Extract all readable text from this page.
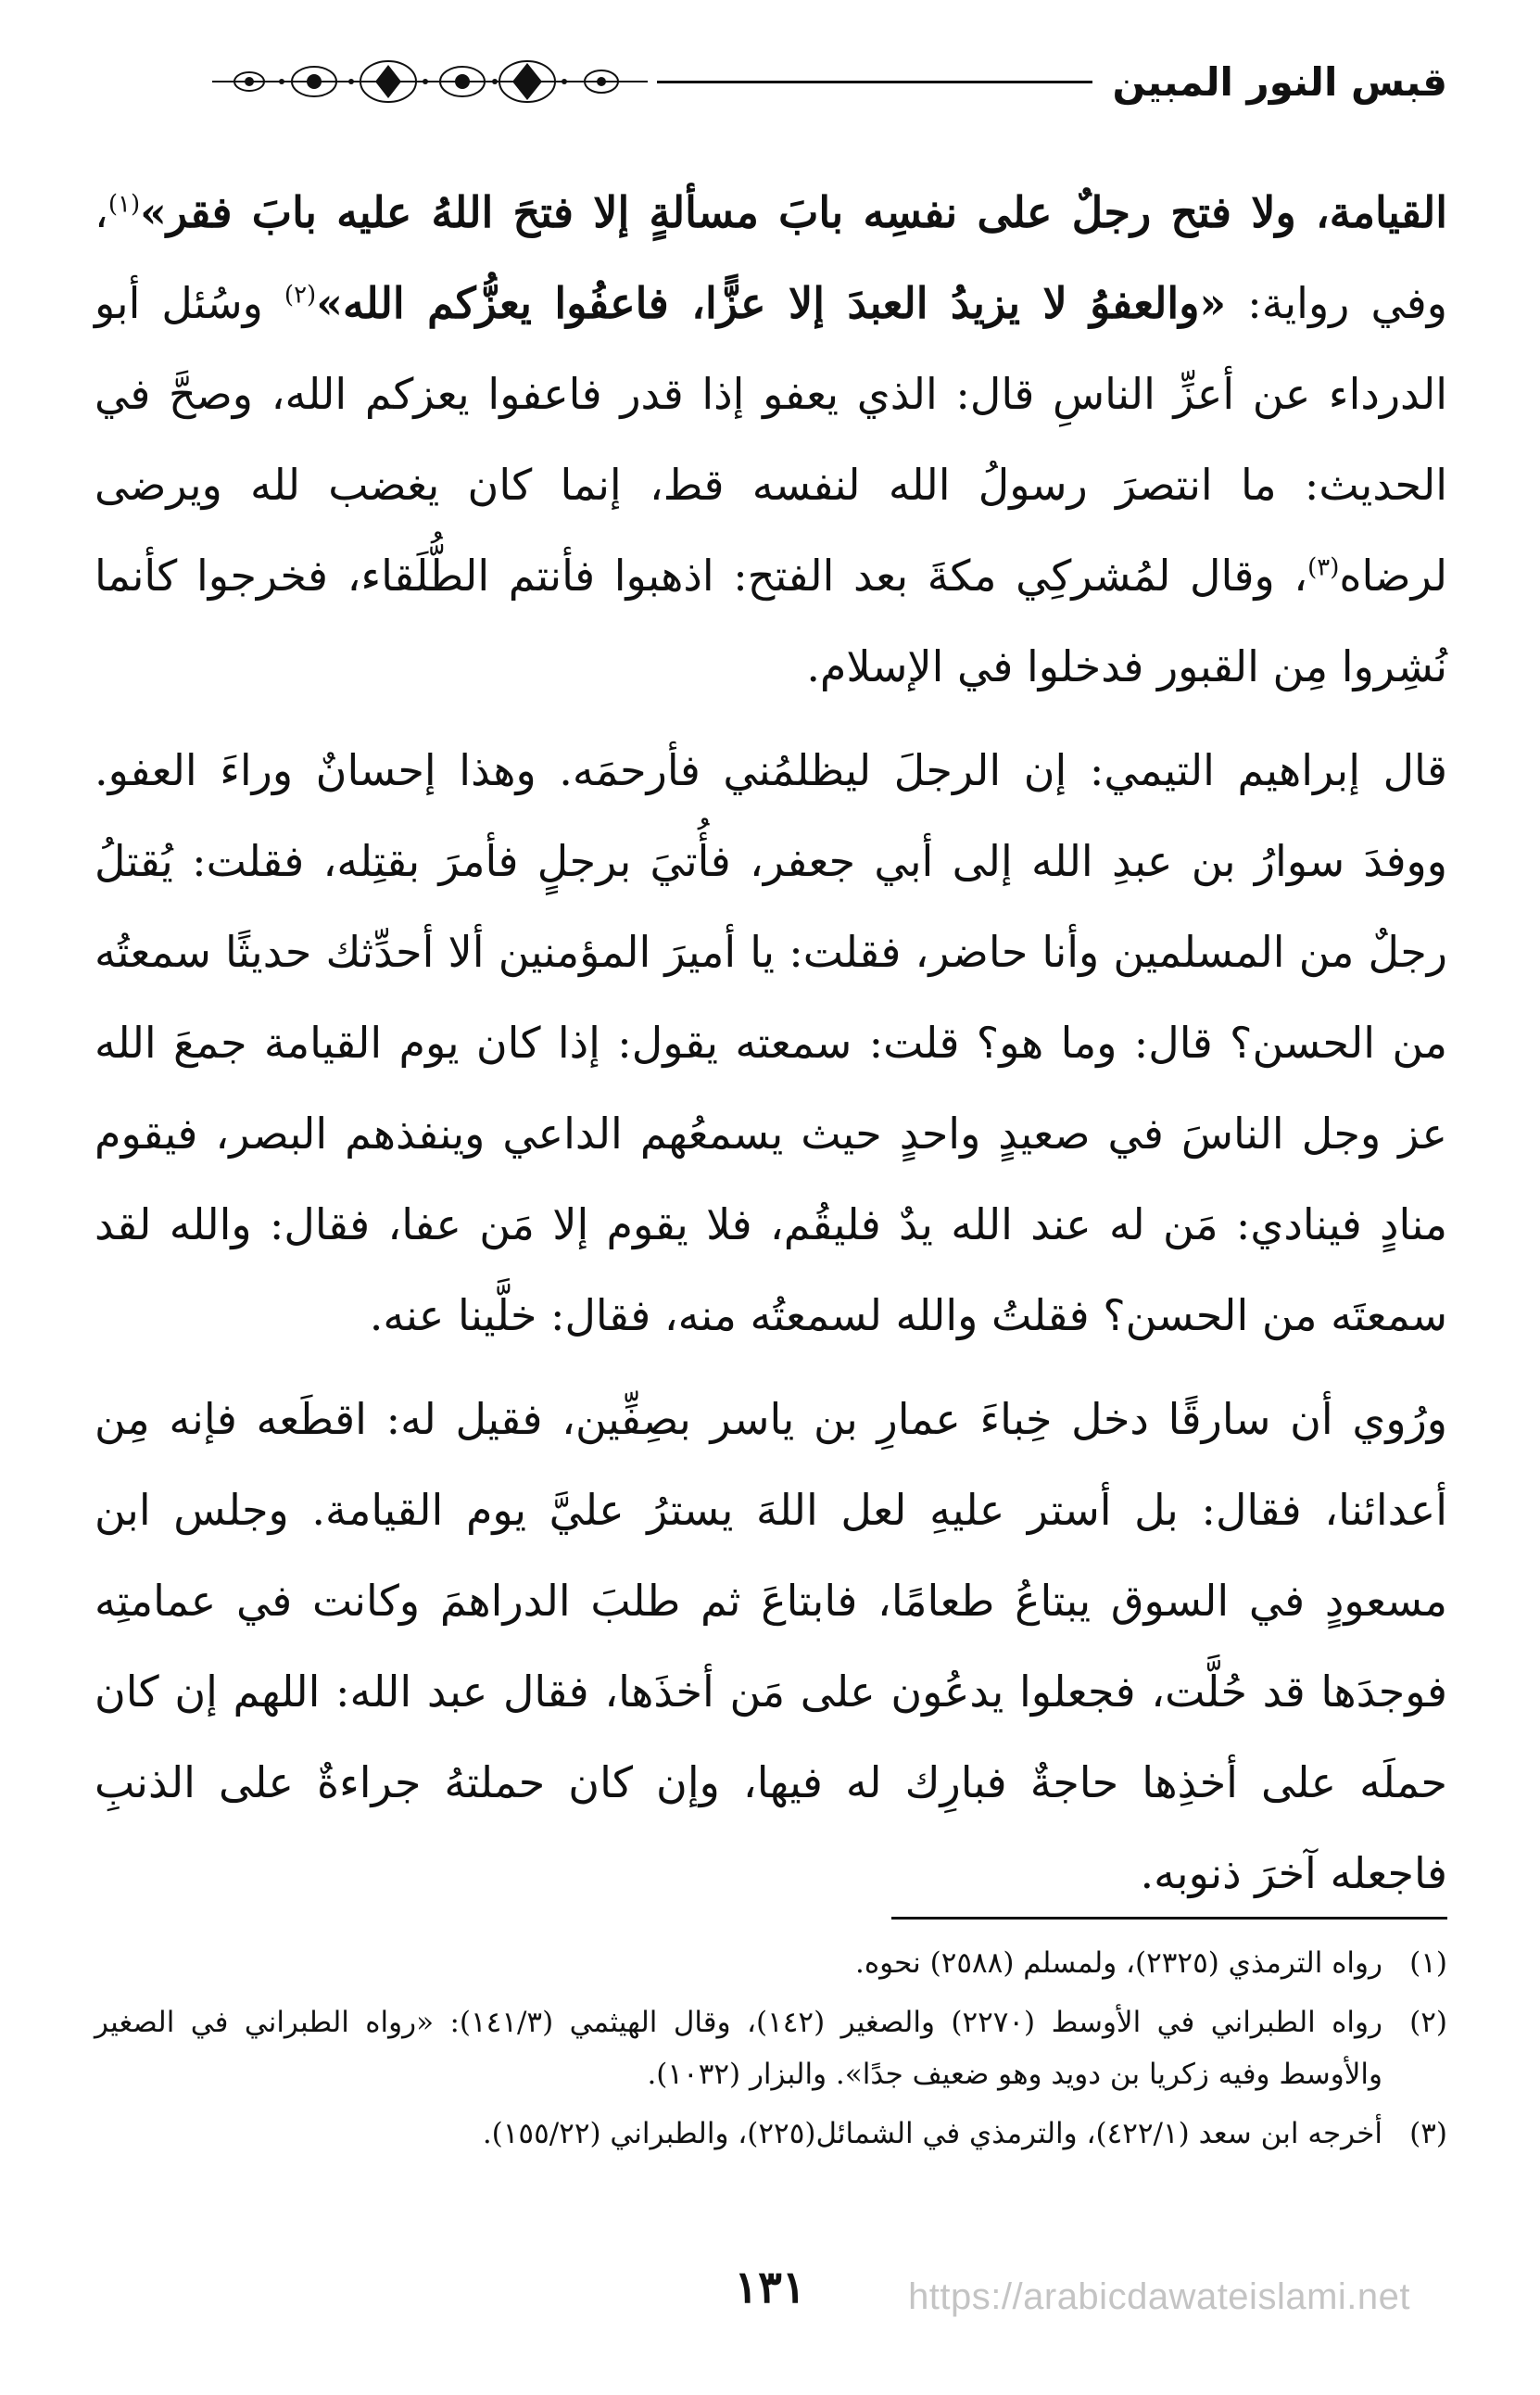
قبس النور المبين

القيامة، ولا فتح رجلٌ على نفسِه بابَ مسألةٍ إلا فتحَ اللهُ عليه بابَ فقر»$^{(١)}$، وفي رواية: «والعفوُ لا يزيدُ العبدَ إلا عزًّا، فاعفُوا يعزُّكم الله»$^{(٢)}$ وسُئل أبو الدرداء عن أعزِّ الناسِ قال: الذي يعفو إذا قدر فاعفوا يعزكم الله، وصحَّ في الحديث: ما انتصرَ رسولُ الله لنفسه قط، إنما كان يغضب لله ويرضى لرضاه$^{(٣)}$، وقال لمُشركِي مكةَ بعد الفتح: اذهبوا فأنتم الطُّلَقاء، فخرجوا كأنما نُشِروا مِن القبور فدخلوا في الإسلام.

قال إبراهيم التيمي: إن الرجلَ ليظلمُني فأرحمَه. وهذا إحسانٌ وراءَ العفو. ووفدَ سوارُ بن عبدِ الله إلى أبي جعفر، فأُتيَ برجلٍ فأمرَ بقتِله، فقلت: يُقتلُ رجلٌ من المسلمين وأنا حاضر، فقلت: يا أميرَ المؤمنين ألا أحدِّثك حديثًا سمعتُه من الحسن؟ قال: وما هو؟ قلت: سمعته يقول: إذا كان يوم القيامة جمعَ الله عز وجل الناسَ في صعيدٍ واحدٍ حيث يسمعُهم الداعي وينفذهم البصر، فيقوم منادٍ فينادي: مَن له عند الله يدٌ فليقُم، فلا يقوم إلا مَن عفا، فقال: والله لقد سمعتَه من الحسن؟ فقلتُ والله لسمعتُه منه، فقال: خلَّينا عنه.

ورُوي أن سارقًا دخل خِباءَ عمارِ بن ياسر بصِفِّين، فقيل له: اقطَعه فإنه مِن أعدائنا، فقال: بل أستر عليهِ لعل اللهَ يسترُ عليَّ يوم القيامة. وجلس ابن مسعودٍ في السوق يبتاعُ طعامًا، فابتاعَ ثم طلبَ الدراهمَ وكانت في عمامتِه فوجدَها قد حُلَّت، فجعلوا يدعُون على مَن أخذَها، فقال عبد الله: اللهم إن كان حملَه على أخذِها حاجةٌ فبارِك له فيها، وإن كان حملتهُ جراءةٌ على الذنبِ فاجعله آخرَ ذنوبه.

(١)
رواه الترمذي (٢٣٢٥)، ولمسلم (٢٥٨٨) نحوه.
(٢)
رواه الطبراني في الأوسط (٢٢٧٠) والصغير (١٤٢)، وقال الهيثمي (١٤١/٣): «رواه الطبراني في الصغير والأوسط وفيه زكريا بن دويد وهو ضعيف جدًا». والبزار (١٠٣٢).
(٣)
أخرجه ابن سعد (٤٢٢/١)، والترمذي في الشمائل(٢٢٥)، والطبراني (١٥٥/٢٢).
١٣١	https://arabicdawateislami.net
